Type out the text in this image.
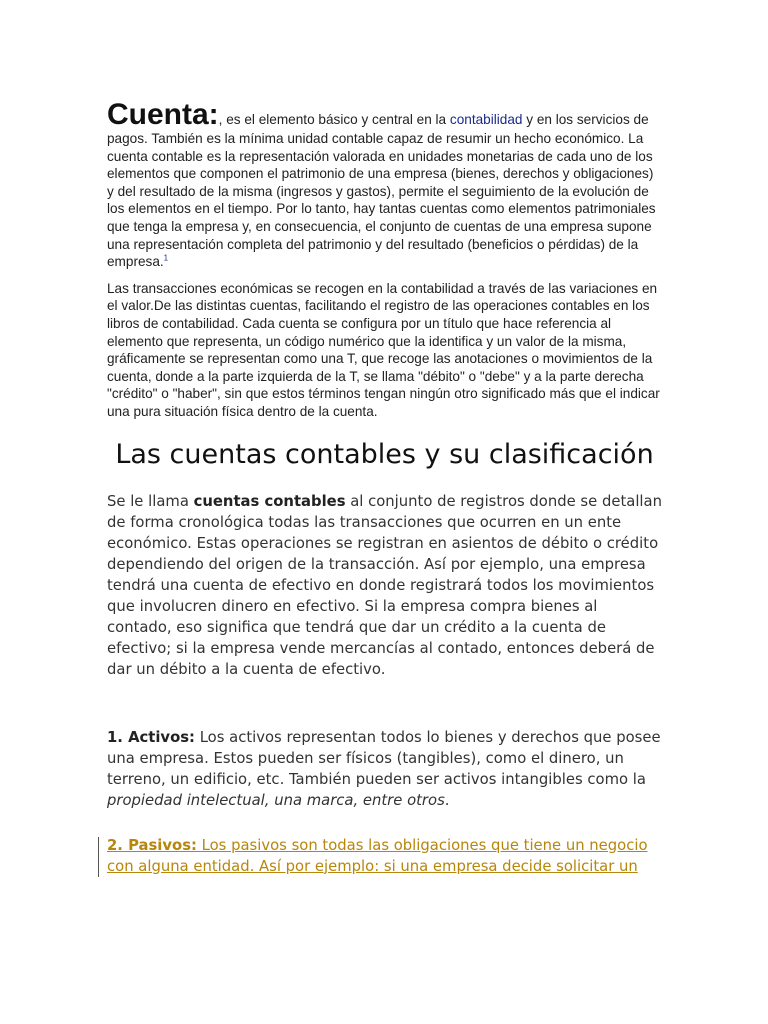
Cuenta:, es el elemento básico y central en la contabilidad y en los servicios de pagos. También es la mínima unidad contable capaz de resumir un hecho económico. La cuenta contable es la representación valorada en unidades monetarias de cada uno de los elementos que componen el patrimonio de una empresa (bienes, derechos y obligaciones) y del resultado de la misma (ingresos y gastos), permite el seguimiento de la evolución de los elementos en el tiempo. Por lo tanto, hay tantas cuentas como elementos patrimoniales que tenga la empresa y, en consecuencia, el conjunto de cuentas de una empresa supone una representación completa del patrimonio y del resultado (beneficios o pérdidas) de la empresa.$^1$

Las transacciones económicas se recogen en la contabilidad a través de las variaciones en el valor.De las distintas cuentas, facilitando el registro de las operaciones contables en los libros de contabilidad. Cada cuenta se configura por un título que hace referencia al elemento que representa, un código numérico que la identifica y un valor de la misma, gráficamente se representan como una T, que recoge las anotaciones o movimientos de la cuenta, donde a la parte izquierda de la T, se llama "débito" o "debe" y a la parte derecha "crédito" o "haber", sin que estos términos tengan ningún otro significado más que el indicar una pura situación física dentro de la cuenta.

Las cuentas contables y su clasificación

Se le llama cuentas contables al conjunto de registros donde se detallan de forma cronológica todas las transacciones que ocurren en un ente económico. Estas operaciones se registran en asientos de débito o crédito dependiendo del origen de la transacción. Así por ejemplo, una empresa tendrá una cuenta de efectivo en donde registrará todos los movimientos que involucren dinero en efectivo. Si la empresa compra bienes al contado, eso significa que tendrá que dar un crédito a la cuenta de efectivo; si la empresa vende mercancías al contado, entonces deberá de dar un débito a la cuenta de efectivo.

1. Activos: Los activos representan todos lo bienes y derechos que posee una empresa. Estos pueden ser físicos (tangibles), como el dinero, un terreno, un edificio, etc. También pueden ser activos intangibles como la propiedad intelectual, una marca, entre otros.

2. Pasivos: Los pasivos son todas las obligaciones que tiene un negocio con alguna entidad. Así por ejemplo: si una empresa decide solicitar un
